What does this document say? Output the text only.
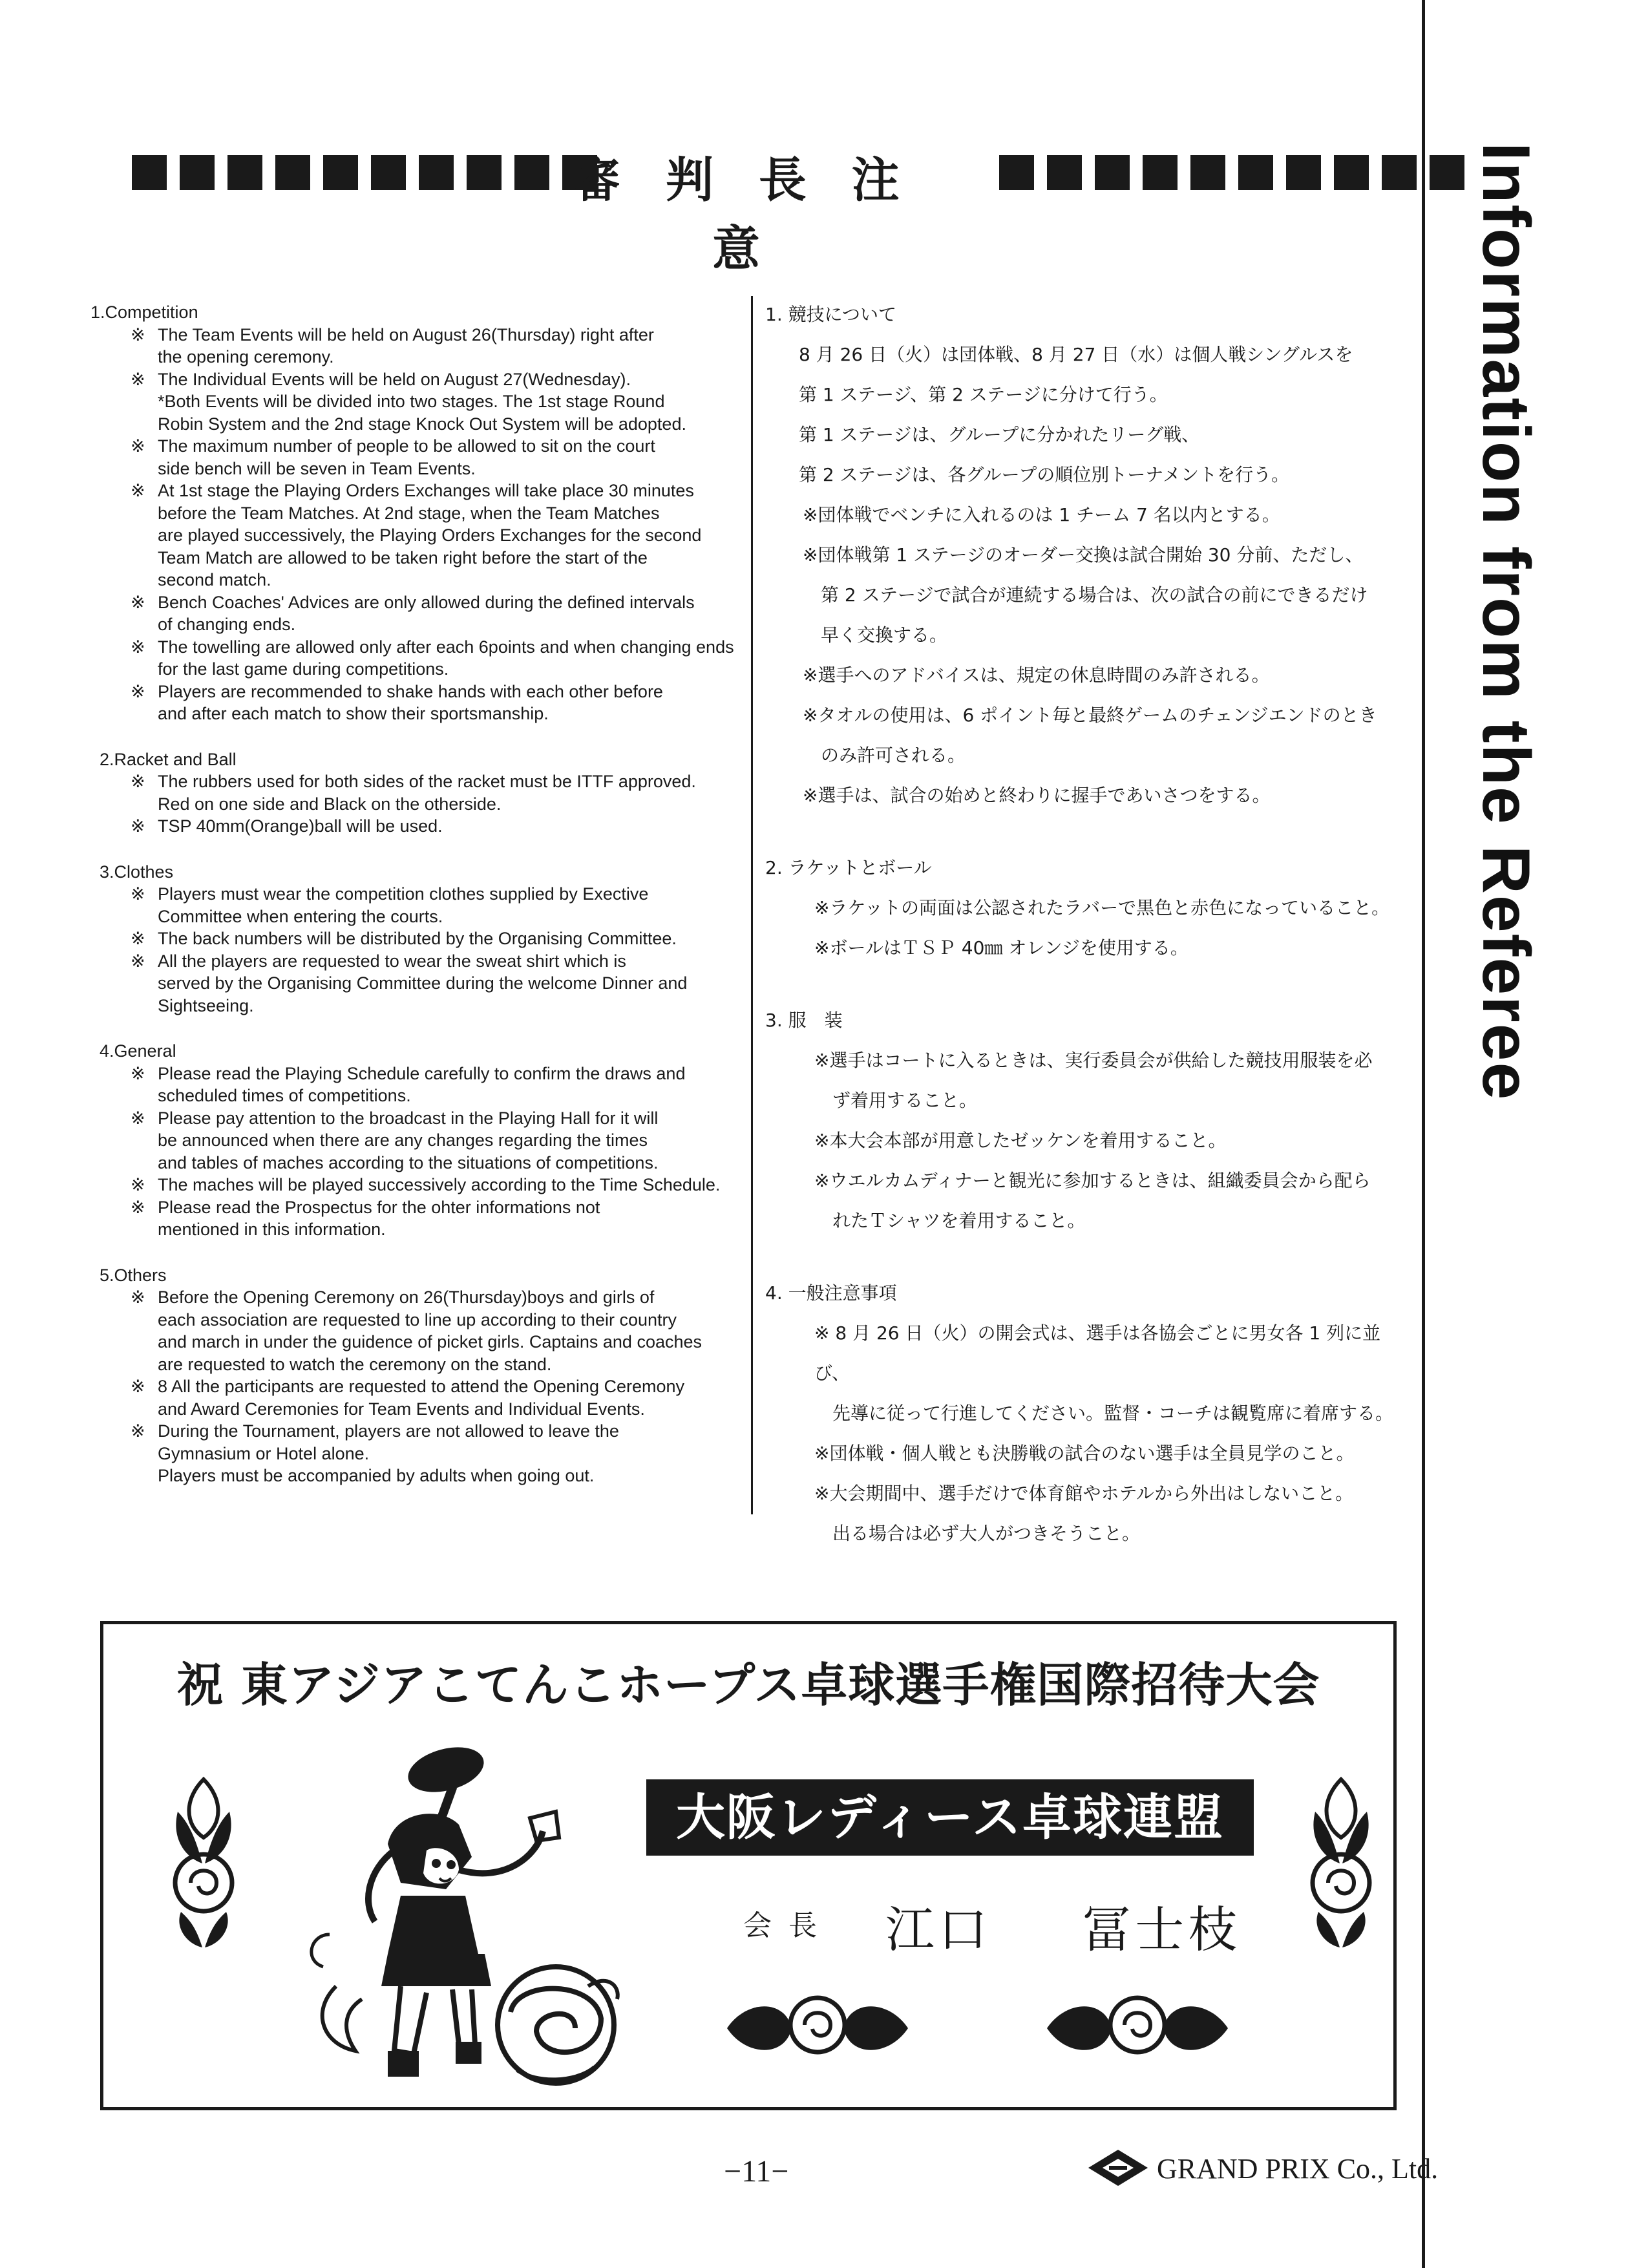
審 判 長 注 意	Information from the Referee
1.Competition
※ The Team Events will be held on August 26(Thursday) right after
the opening ceremony.
※ The Individual Events will be held on August 27(Wednesday).
*Both Events will be divided into two stages. The 1st stage Round
Robin System and the 2nd stage Knock Out System will be adopted.
※ The maximum number of people to be allowed to sit on the court
side bench will be seven in Team Events.
※ At 1st stage the Playing Orders Exchanges will take place 30 minutes
before the Team Matches. At 2nd stage, when the Team Matches
are played successively, the Playing Orders Exchanges for the second
Team Match are allowed to be taken right before the start of the
second match.
※ Bench Coaches' Advices are only allowed during the defined intervals
of changing ends.
※ The towelling are allowed only after each 6points and when changing ends
for the last game during competitions.
※ Players are recommended to shake hands with each other before
and after each match to show their sportsmanship.
2.Racket and Ball
※ The rubbers used for both sides of the racket must be ITTF approved.
Red on one side and Black on the otherside.
※ TSP 40mm(Orange)ball will be used.
3.Clothes
※ Players must wear the competition clothes supplied by Exective
Committee when entering the courts.
※ The back numbers will be distributed by the Organising Committee.
※ All the players are requested to wear the sweat shirt which is
served by the Organising Committee during the welcome Dinner and
Sightseeing.
4.General
※ Please read the Playing Schedule carefully to confirm the draws and
scheduled times of competitions.
※ Please pay attention to the broadcast in the Playing Hall for it will
be announced when there are any changes regarding the times
and tables of maches according to the situations of competitions.
※ The maches will be played successively according to the Time Schedule.
※ Please read the Prospectus for the ohter informations not
mentioned in this information.
5.Others
※ Before the Opening Ceremony on 26(Thursday)boys and girls of
each association are requested to line up according to their country
and march in under the guidence of picket girls. Captains and coaches
are requested to watch the ceremony on the stand.
※ 8 All the participants are requested to attend the Opening Ceremony
and Award Ceremonies for Team Events and Individual Events.
※ During the Tournament, players are not allowed to leave the
Gymnasium or Hotel alone.
Players must be accompanied by adults when going out.
1. 競技について
8 月 26 日（火）は団体戦、8 月 27 日（水）は個人戦シングルスを
第 1 ステージ、第 2 ステージに分けて行う。
第 1 ステージは、グループに分かれたリーグ戦、
第 2 ステージは、各グループの順位別トーナメントを行う。
※団体戦でベンチに入れるのは 1 チーム 7 名以内とする。
※団体戦第 1 ステージのオーダー交換は試合開始 30 分前、ただし、
　第 2 ステージで試合が連続する場合は、次の試合の前にできるだけ
　早く交換する。
※選手へのアドバイスは、規定の休息時間のみ許される。
※タオルの使用は、6 ポイント毎と最終ゲームのチェンジエンドのとき
　のみ許可される。
※選手は、試合の始めと終わりに握手であいさつをする。
2. ラケットとボール
※ラケットの両面は公認されたラバーで黒色と赤色になっていること。
※ボールはＴＳＰ 40㎜ オレンジを使用する。
3. 服　装
※選手はコートに入るときは、実行委員会が供給した競技用服装を必
　ず着用すること。
※本大会本部が用意したゼッケンを着用すること。
※ウエルカムディナーと観光に参加するときは、組織委員会から配ら
　れたＴシャツを着用すること。
4. 一般注意事項
※ 8 月 26 日（火）の開会式は、選手は各協会ごとに男女各 1 列に並び、
　先導に従って行進してください。監督・コーチは観覧席に着席する。
※団体戦・個人戦とも決勝戦の試合のない選手は全員見学のこと。
※大会期間中、選手だけで体育館やホテルから外出はしないこと。
　出る場合は必ず大人がつきそうこと。
祝 東アジアこてんこホープス卓球選手権国際招待大会
大阪レディース卓球連盟
会長 江口 冨士枝
−11−	GRAND PRIX Co., Ltd.
